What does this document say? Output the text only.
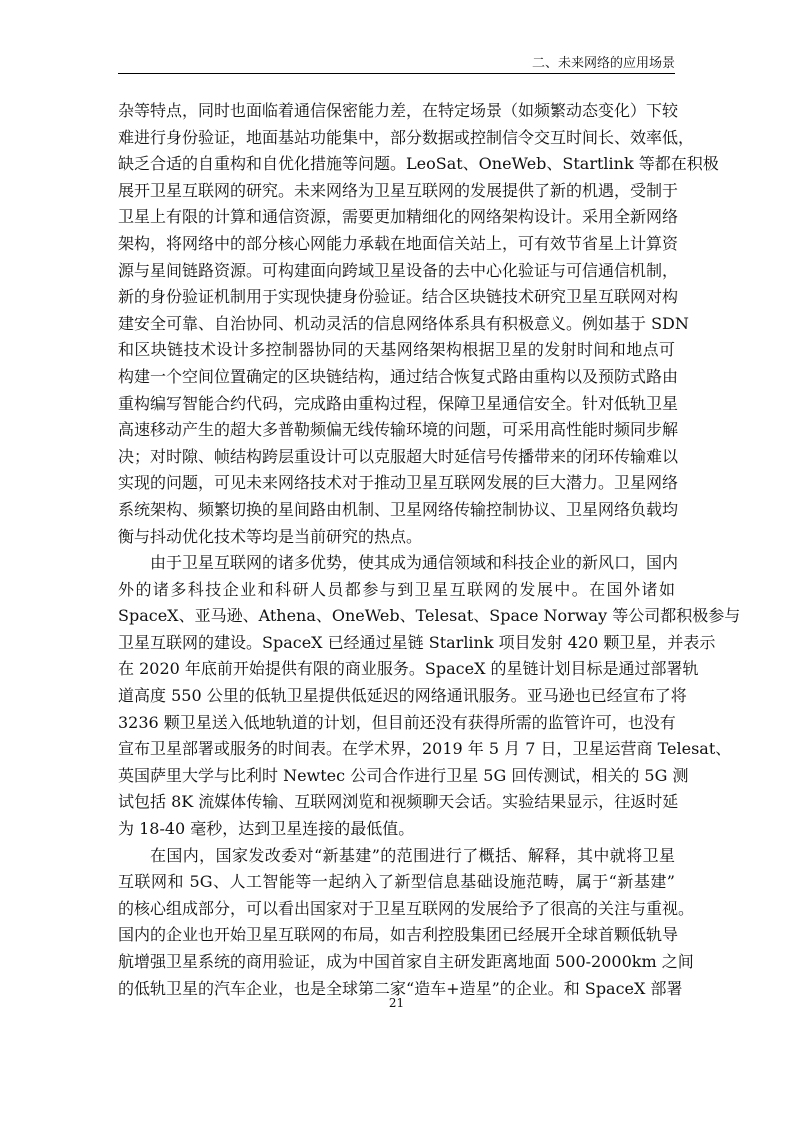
二、未来网络的应用场景
杂等特点，同时也面临着通信保密能力差，在特定场景（如频繁动态变化）下较
难进行身份验证，地面基站功能集中，部分数据或控制信令交互时间长、效率低，
缺乏合适的自重构和自优化措施等问题。LeoSat、OneWeb、Startlink 等都在积极
展开卫星互联网的研究。未来网络为卫星互联网的发展提供了新的机遇，受制于
卫星上有限的计算和通信资源，需要更加精细化的网络架构设计。采用全新网络
架构，将网络中的部分核心网能力承载在地面信关站上，可有效节省星上计算资
源与星间链路资源。可构建面向跨域卫星设备的去中心化验证与可信通信机制，
新的身份验证机制用于实现快捷身份验证。结合区块链技术研究卫星互联网对构
建安全可靠、自治协同、机动灵活的信息网络体系具有积极意义。例如基于 SDN
和区块链技术设计多控制器协同的天基网络架构根据卫星的发射时间和地点可
构建一个空间位置确定的区块链结构，通过结合恢复式路由重构以及预防式路由
重构编写智能合约代码，完成路由重构过程，保障卫星通信安全。针对低轨卫星
高速移动产生的超大多普勒频偏无线传输环境的问题，可采用高性能时频同步解
决；对时隙、帧结构跨层重设计可以克服超大时延信号传播带来的闭环传输难以
实现的问题，可见未来网络技术对于推动卫星互联网发展的巨大潜力。卫星网络
系统架构、频繁切换的星间路由机制、卫星网络传输控制协议、卫星网络负载均
衡与抖动优化技术等均是当前研究的热点。
由于卫星互联网的诸多优势，使其成为通信领域和科技企业的新风口，国内
外的诸多科技企业和科研人员都参与到卫星互联网的发展中。在国外诸如
SpaceX、亚马逊、Athena、OneWeb、Telesat、Space Norway 等公司都积极参与
卫星互联网的建设。SpaceX 已经通过星链 Starlink 项目发射 420 颗卫星，并表示
在 2020 年底前开始提供有限的商业服务。SpaceX 的星链计划目标是通过部署轨
道高度 550 公里的低轨卫星提供低延迟的网络通讯服务。亚马逊也已经宣布了将
3236 颗卫星送入低地轨道的计划，但目前还没有获得所需的监管许可，也没有
宣布卫星部署或服务的时间表。在学术界，2019 年 5 月 7 日，卫星运营商 Telesat、
英国萨里大学与比利时 Newtec 公司合作进行卫星 5G 回传测试，相关的 5G 测
试包括 8K 流媒体传输、互联网浏览和视频聊天会话。实验结果显示，往返时延
为 18-40 毫秒，达到卫星连接的最低值。
在国内，国家发改委对“新基建”的范围进行了概括、解释，其中就将卫星
互联网和 5G、人工智能等一起纳入了新型信息基础设施范畴，属于“新基建”
的核心组成部分，可以看出国家对于卫星互联网的发展给予了很高的关注与重视。
国内的企业也开始卫星互联网的布局，如吉利控股集团已经展开全球首颗低轨导
航增强卫星系统的商用验证，成为中国首家自主研发距离地面 500-2000km 之间
的低轨卫星的汽车企业，也是全球第二家“造车+造星”的企业。和 SpaceX 部署
21
